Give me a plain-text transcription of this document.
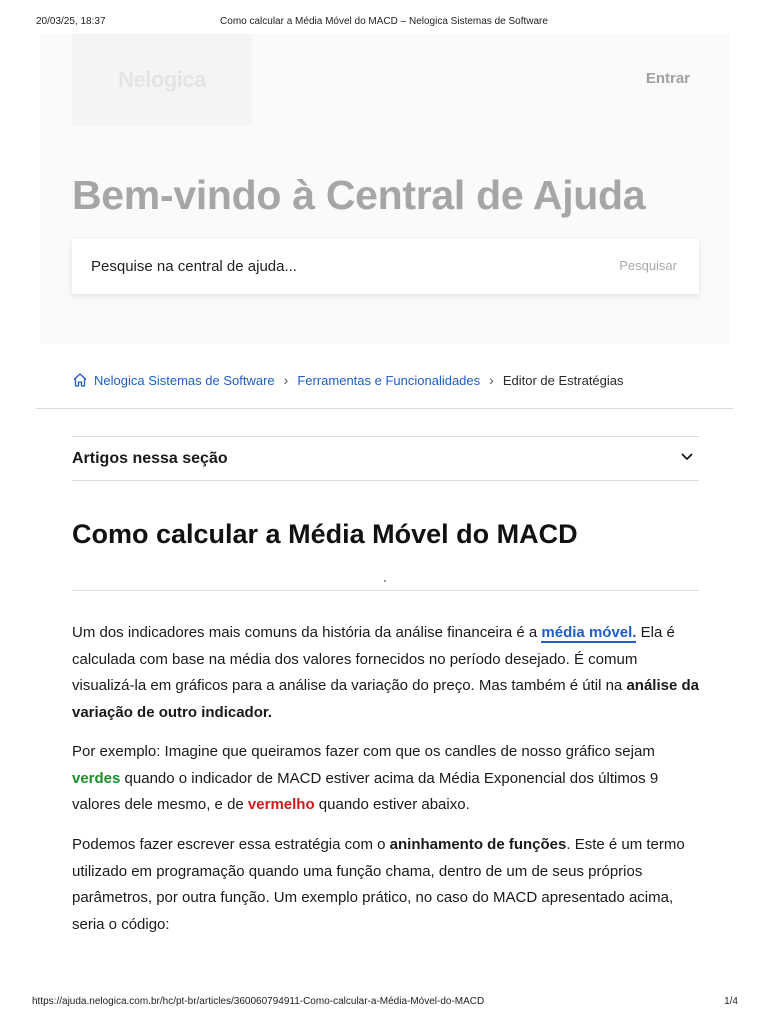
20/03/25, 18:37	Como calcular a Média Móvel do MACD – Nelogica Sistemas de Software
Nelogica	Entrar
Bem-vindo à Central de Ajuda
Pesquise na central de ajuda...
Pesquisar
Nelogica Sistemas de Software › Ferramentas e Funcionalidades › Editor de Estratégias
Artigos nessa seção
Como calcular a Média Móvel do MACD

Um dos indicadores mais comuns da história da análise financeira é a média móvel. Ela é calculada com base na média dos valores fornecidos no período desejado. É comum visualizá-la em gráficos para a análise da variação do preço. Mas também é útil na análise da variação de outro indicador.

Por exemplo: Imagine que queiramos fazer com que os candles de nosso gráfico sejam verdes quando o indicador de MACD estiver acima da Média Exponencial dos últimos 9 valores dele mesmo, e de vermelho quando estiver abaixo.

Podemos fazer escrever essa estratégia com o aninhamento de funções. Este é um termo utilizado em programação quando uma função chama, dentro de um de seus próprios parâmetros, por outra função. Um exemplo prático, no caso do MACD apresentado acima, seria o código:

https://ajuda.nelogica.com.br/hc/pt-br/articles/360060794911-Como-calcular-a-Média-Móvel-do-MACD	1/4
